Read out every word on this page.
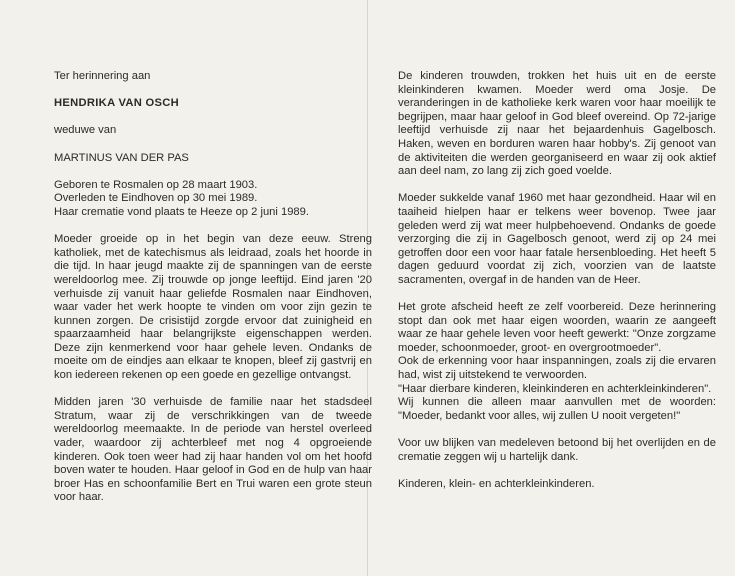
Ter herinnering aan

HENDRIKA VAN OSCH

weduwe van

MARTINUS VAN DER PAS

Geboren te Rosmalen op 28 maart 1903.

Overleden te Eindhoven op 30 mei 1989.

Haar crematie vond plaats te Heeze op 2 juni 1989.

Moeder groeide op in het begin van deze eeuw. Streng katholiek, met de katechismus als leidraad, zoals het hoorde in die tijd. In haar jeugd maakte zij de spanningen van de eerste wereldoorlog mee. Zij trouwde op jonge leeftijd. Eind jaren '20 verhuisde zij vanuit haar geliefde Rosmalen naar Eindhoven, waar vader het werk hoopte te vinden om voor zijn gezin te kunnen zorgen. De crisistijd zorgde ervoor dat zuinigheid en spaarzaamheid haar belangrijkste eigenschappen werden. Deze zijn kenmerkend voor haar gehele leven. Ondanks de moeite om de eindjes aan elkaar te knopen, bleef zij gastvrij en kon iedereen rekenen op een goede en gezellige ontvangst.

Midden jaren '30 verhuisde de familie naar het stadsdeel Stratum, waar zij de verschrikkingen van de tweede wereldoorlog meemaakte. In de periode van herstel overleed vader, waardoor zij achterbleef met nog 4 opgroeiende kinderen. Ook toen weer had zij haar handen vol om het hoofd boven water te houden. Haar geloof in God en de hulp van haar broer Has en schoonfamilie Bert en Trui waren een grote steun voor haar.

De kinderen trouwden, trokken het huis uit en de eerste kleinkinderen kwamen. Moeder werd oma Josje. De veranderingen in de katholieke kerk waren voor haar moeilijk te begrijpen, maar haar geloof in God bleef overeind. Op 72-jarige leeftijd verhuisde zij naar het bejaardenhuis Gagelbosch. Haken, weven en borduren waren haar hobby's. Zij genoot van de aktiviteiten die werden georganiseerd en waar zij ook aktief aan deel nam, zo lang zij zich goed voelde.

Moeder sukkelde vanaf 1960 met haar gezondheid. Haar wil en taaiheid hielpen haar er telkens weer bovenop. Twee jaar geleden werd zij wat meer hulpbehoevend. Ondanks de goede verzorging die zij in Gagelbosch genoot, werd zij op 24 mei getroffen door een voor haar fatale hersenbloeding. Het heeft 5 dagen geduurd voordat zij zich, voorzien van de laatste sacramenten, overgaf in de handen van de Heer.

Het grote afscheid heeft ze zelf voorbereid. Deze herinnering stopt dan ook met haar eigen woorden, waarin ze aangeeft waar ze haar gehele leven voor heeft gewerkt: "Onze zorgzame moeder, schoonmoeder, groot- en overgrootmoeder".

Ook de erkenning voor haar inspanningen, zoals zij die ervaren had, wist zij uitstekend te verwoorden.

"Haar dierbare kinderen, kleinkinderen en achterkleinkinderen".

Wij kunnen die alleen maar aanvullen met de woorden: "Moeder, bedankt voor alles, wij zullen U nooit vergeten!"

Voor uw blijken van medeleven betoond bij het overlijden en de crematie zeggen wij u hartelijk dank.

Kinderen, klein- en achterkleinkinderen.
